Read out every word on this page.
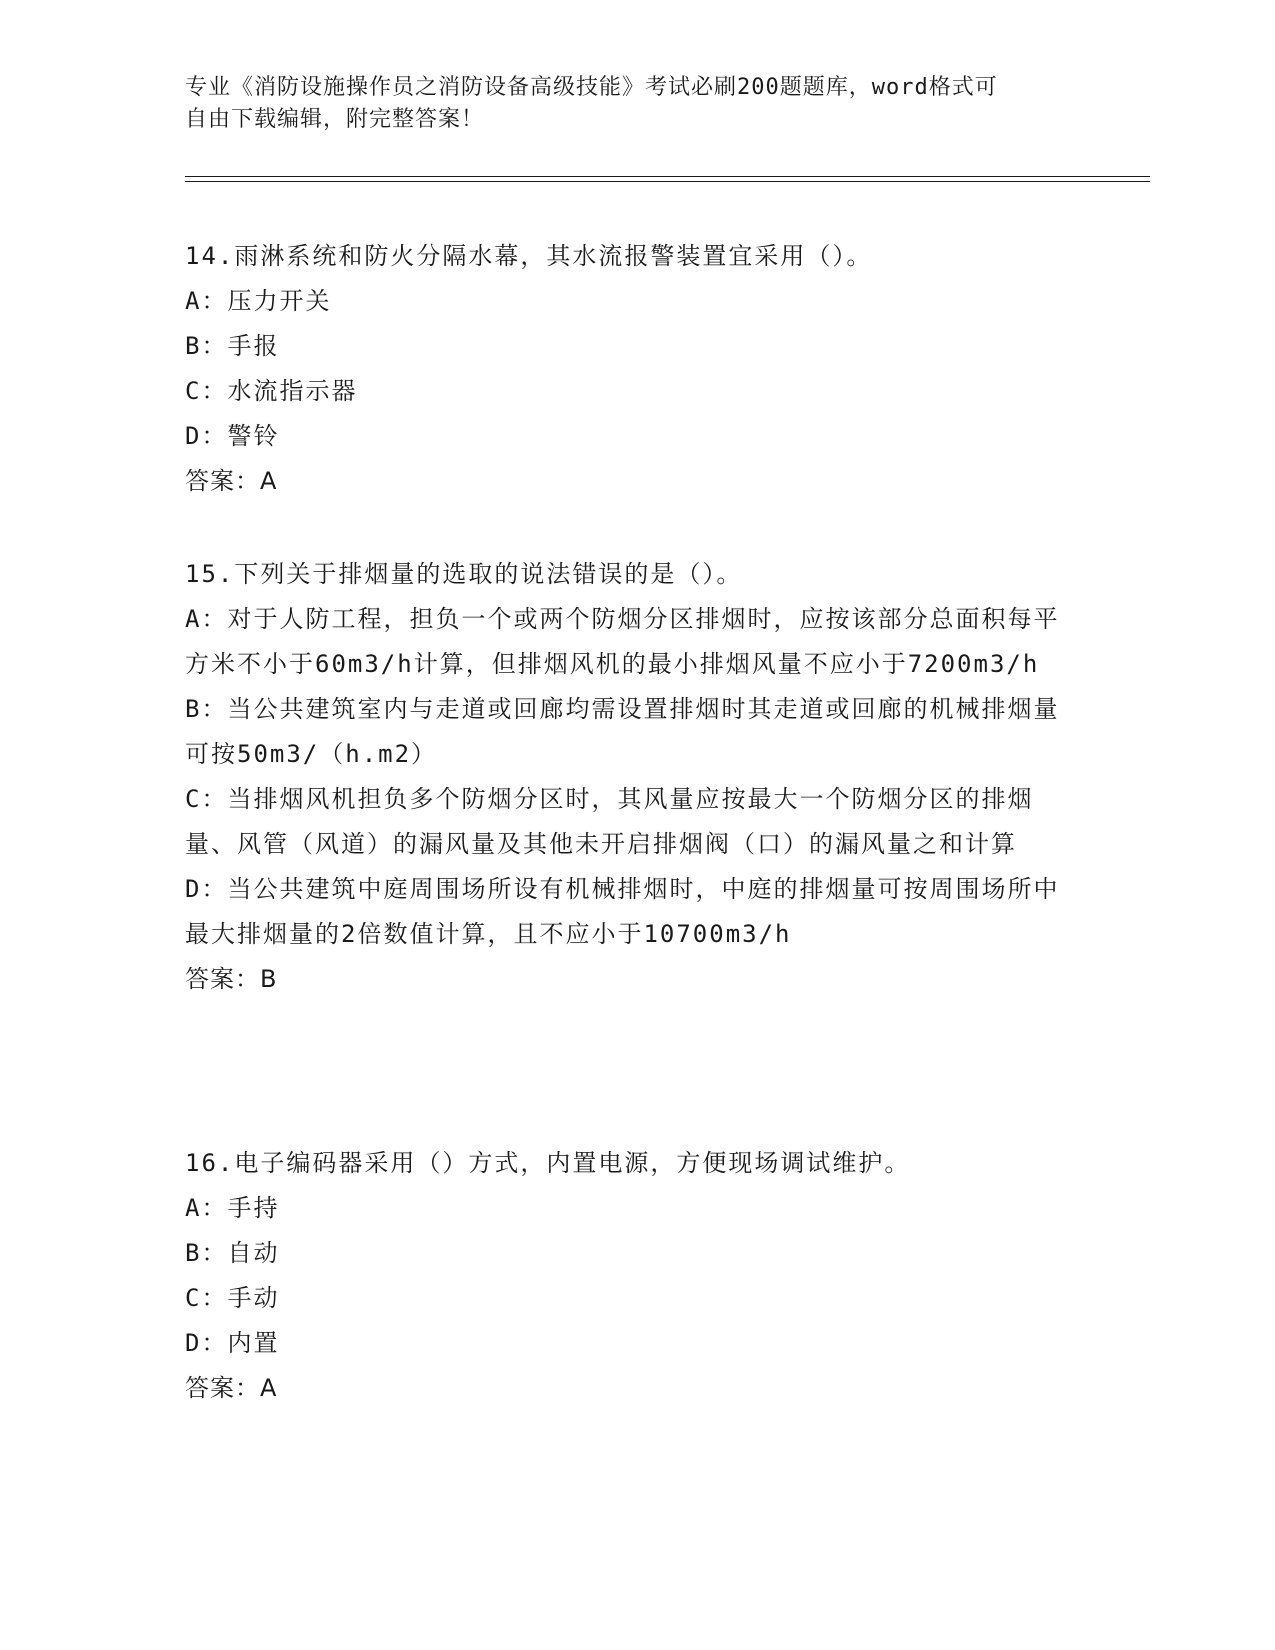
专业《消防设施操作员之消防设备高级技能》考试必刷200题题库，word格式可
自由下载编辑，附完整答案！
14.雨淋系统和防火分隔水幕，其水流报警装置宜采用（）。
A：压力开关
B：手报
C：水流指示器
D：警铃
答案：A
15.下列关于排烟量的选取的说法错误的是（）。
A：对于人防工程，担负一个或两个防烟分区排烟时，应按该部分总面积每平方米不小于60m3/h计算，但排烟风机的最小排烟风量不应小于7200m3/h
B：当公共建筑室内与走道或回廊均需设置排烟时其走道或回廊的机械排烟量可按50m3/（h.m2）
C：当排烟风机担负多个防烟分区时，其风量应按最大一个防烟分区的排烟量、风管（风道）的漏风量及其他未开启排烟阀（口）的漏风量之和计算
D：当公共建筑中庭周围场所设有机械排烟时，中庭的排烟量可按周围场所中最大排烟量的2倍数值计算，且不应小于10700m3/h
答案：B
16.电子编码器采用（）方式，内置电源，方便现场调试维护。
A：手持
B：自动
C：手动
D：内置
答案：A
